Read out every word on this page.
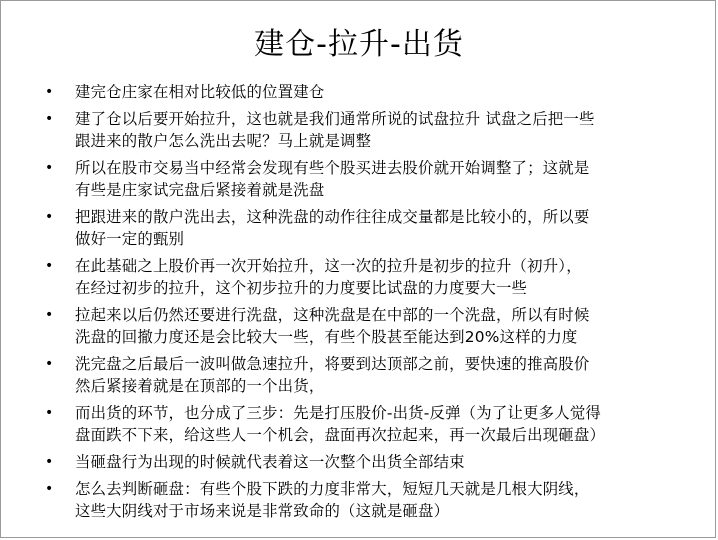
建仓-拉升-出货
• 建完仓庄家在相对比较低的位置建仓
• 建了仓以后要开始拉升，这也就是我们通常所说的试盘拉升 试盘之后把一些
跟进来的散户怎么洗出去呢？马上就是调整
• 所以在股市交易当中经常会发现有些个股买进去股价就开始调整了；这就是
有些是庄家试完盘后紧接着就是洗盘
• 把跟进来的散户洗出去，这种洗盘的动作往往成交量都是比较小的，所以要
做好一定的甄别
• 在此基础之上股价再一次开始拉升，这一次的拉升是初步的拉升（初升），
在经过初步的拉升，这个初步拉升的力度要比试盘的力度要大一些
• 拉起来以后仍然还要进行洗盘，这种洗盘是在中部的一个洗盘，所以有时候
洗盘的回撤力度还是会比较大一些，有些个股甚至能达到20%这样的力度
• 洗完盘之后最后一波叫做急速拉升，将要到达顶部之前，要快速的推高股价
然后紧接着就是在顶部的一个出货，
• 而出货的环节，也分成了三步：先是打压股价-出货-反弹（为了让更多人觉得
盘面跌不下来，给这些人一个机会，盘面再次拉起来，再一次最后出现砸盘）
• 当砸盘行为出现的时候就代表着这一次整个出货全部结束
• 怎么去判断砸盘：有些个股下跌的力度非常大，短短几天就是几根大阴线，
这些大阴线对于市场来说是非常致命的（这就是砸盘）
